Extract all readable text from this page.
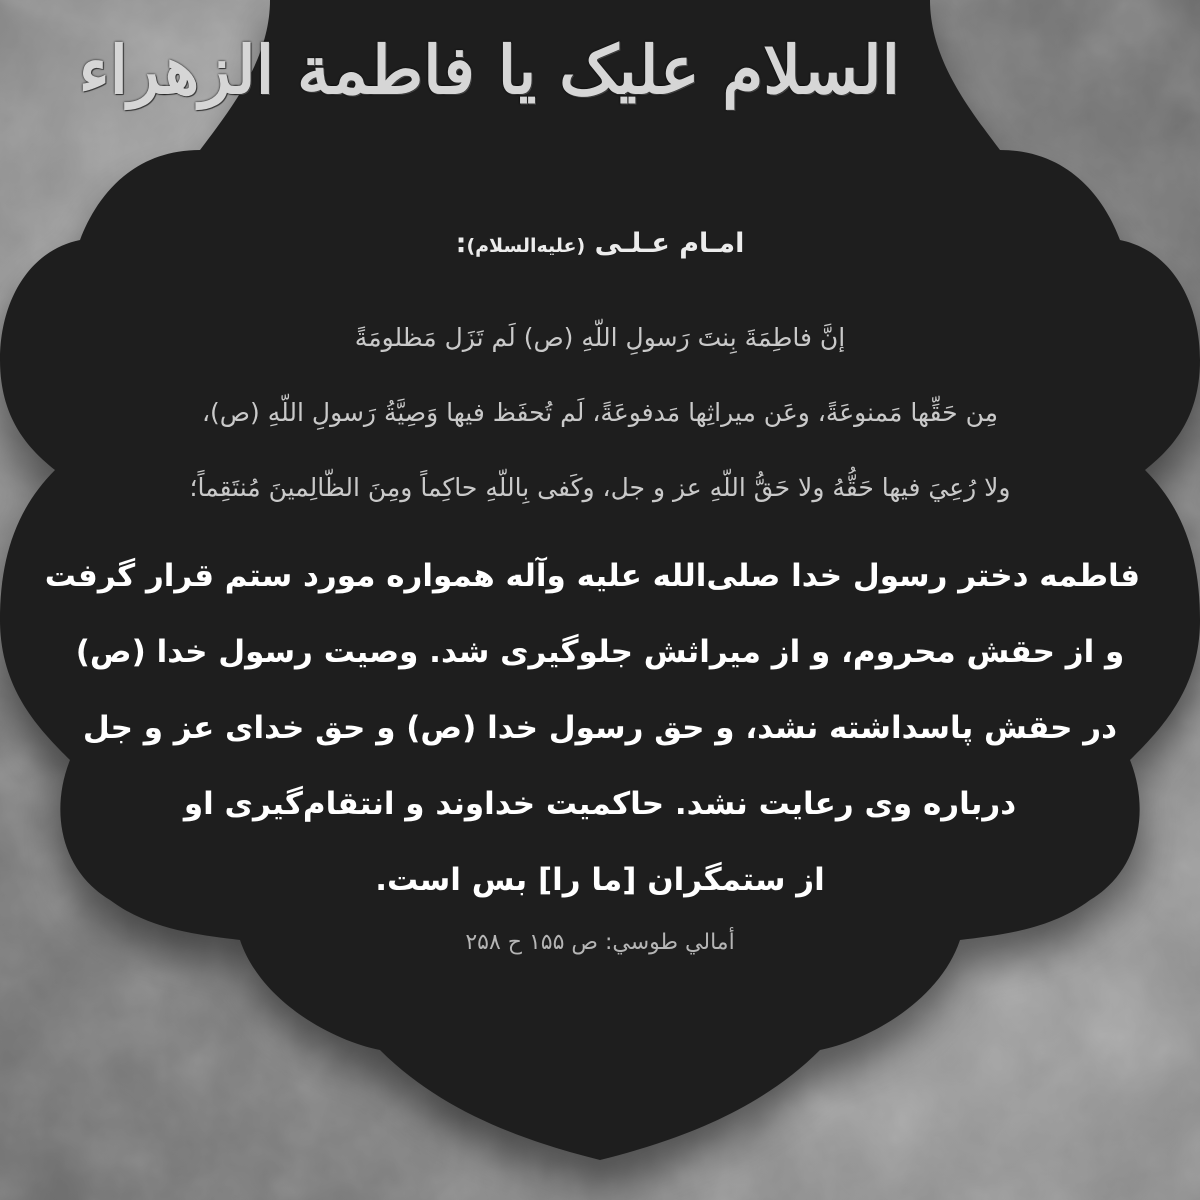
السلام علیک یا فاطمة الزهراء
امـام عـلـی (علیه‌السلام):
إنَّ فاطِمَةَ بِنتَ رَسولِ اللّهِ (ص) لَم تَزَل مَظلومَةً
مِن حَقِّها مَمنوعَةً، وعَن ميراثِها مَدفوعَةً، لَم تُحفَظ فيها وَصِيَّةُ رَسولِ اللّهِ (ص)،
ولا رُعِيَ فيها حَقُّهُ ولا حَقُّ اللّهِ عز و جل، وكَفى بِاللّهِ حاكِماً ومِنَ الظّالِمينَ مُنتَقِماً؛
فاطمه دختر رسول خدا صلی‌الله علیه وآله همواره مورد ستم قرار گرفت
و از حقش محروم، و از میراثش جلوگیری شد. وصیت رسول خدا (ص)
در حقش پاسداشته نشد، و حق رسول خدا (ص) و حق خدای عز و جل
درباره وی رعایت نشد. حاکمیت خداوند و انتقام‌گیری او
از ستمگران [ما را] بس است.
أمالي طوسي: ص ۱۵۵ ح ۲۵۸
